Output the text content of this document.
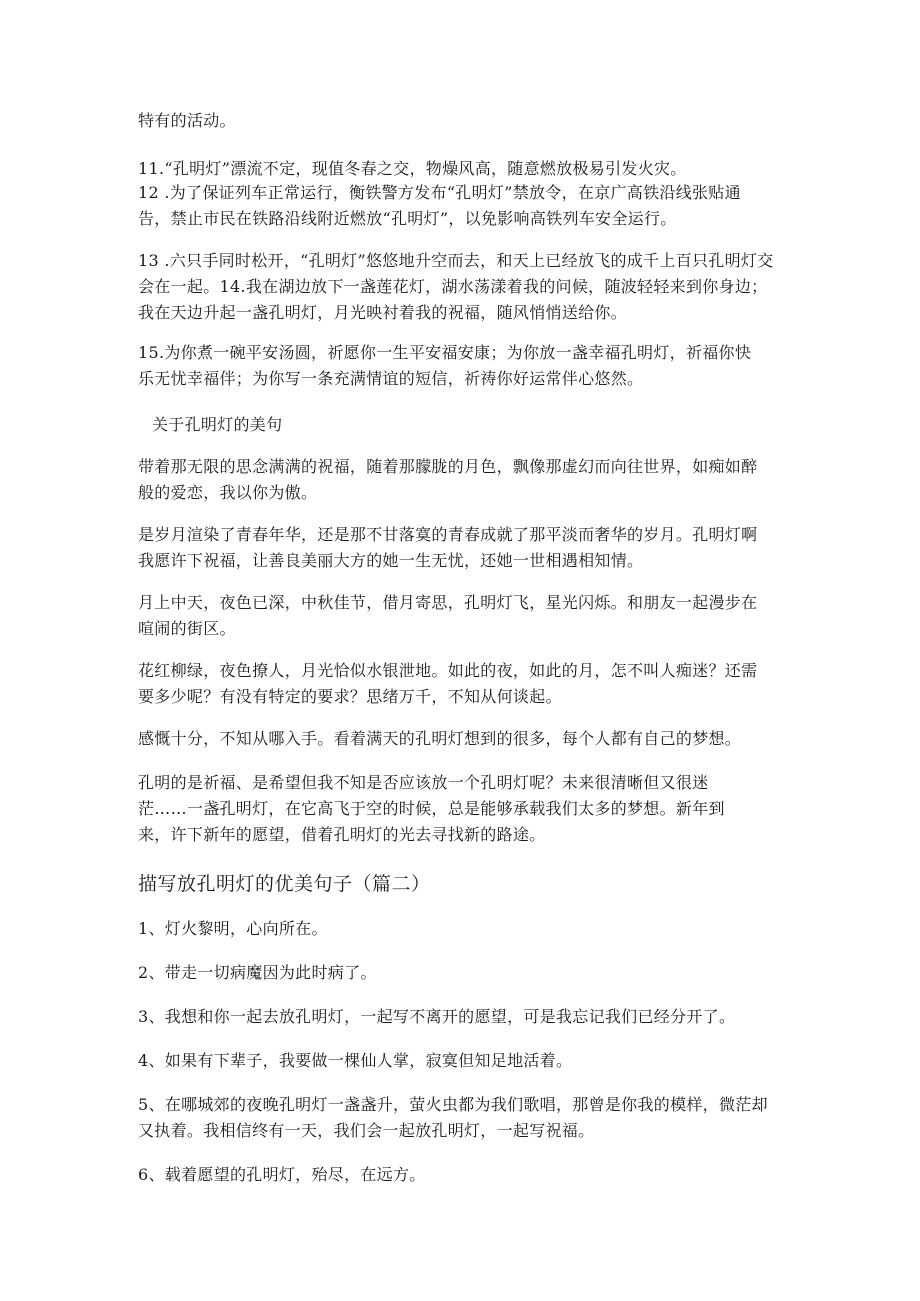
特有的活动。

11.“孔明灯”漂流不定，现值冬春之交，物燥风高，随意燃放极易引发火灾。

12 .为了保证列车正常运行，衡铁警方发布“孔明灯”禁放令，在京广高铁沿线张贴通告，禁止市民在铁路沿线附近燃放“孔明灯”，以免影响高铁列车安全运行。

13 .六只手同时松开，“孔明灯”悠悠地升空而去，和天上已经放飞的成千上百只孔明灯交会在一起。14.我在湖边放下一盏莲花灯，湖水荡漾着我的问候，随波轻轻来到你身边；我在天边升起一盏孔明灯，月光映衬着我的祝福，随风悄悄送给你。

15.为你煮一碗平安汤圆，祈愿你一生平安福安康；为你放一盏幸福孔明灯，祈福你快乐无忧幸福伴；为你写一条充满情谊的短信，祈祷你好运常伴心悠然。

关于孔明灯的美句

带着那无限的思念满满的祝福，随着那朦胧的月色，飘像那虚幻而向往世界，如痴如醉般的爱恋，我以你为傲。

是岁月渲染了青春年华，还是那不甘落寞的青春成就了那平淡而奢华的岁月。孔明灯啊我愿许下祝福，让善良美丽大方的她一生无忧，还她一世相遇相知情。

月上中天，夜色已深，中秋佳节，借月寄思，孔明灯飞，星光闪烁。和朋友一起漫步在喧闹的街区。

花红柳绿，夜色撩人，月光恰似水银泄地。如此的夜，如此的月，怎不叫人痴迷？还需要多少呢？有没有特定的要求？思绪万千，不知从何谈起。

感慨十分，不知从哪入手。看着满天的孔明灯想到的很多，每个人都有自己的梦想。

孔明的是祈福、是希望但我不知是否应该放一个孔明灯呢？未来很清晰但又很迷茫……一盏孔明灯，在它高飞于空的时候，总是能够承载我们太多的梦想。新年到来，许下新年的愿望，借着孔明灯的光去寻找新的路途。

描写放孔明灯的优美句子（篇二）

1、灯火黎明，心向所在。

2、带走一切病魔因为此时病了。

3、我想和你一起去放孔明灯，一起写不离开的愿望，可是我忘记我们已经分开了。

4、如果有下辈子，我要做一棵仙人掌，寂寞但知足地活着。

5、在哪城郊的夜晚孔明灯一盏盏升，萤火虫都为我们歌唱，那曾是你我的模样，微茫却又执着。我相信终有一天，我们会一起放孔明灯，一起写祝福。

6、载着愿望的孔明灯，殆尽，在远方。
